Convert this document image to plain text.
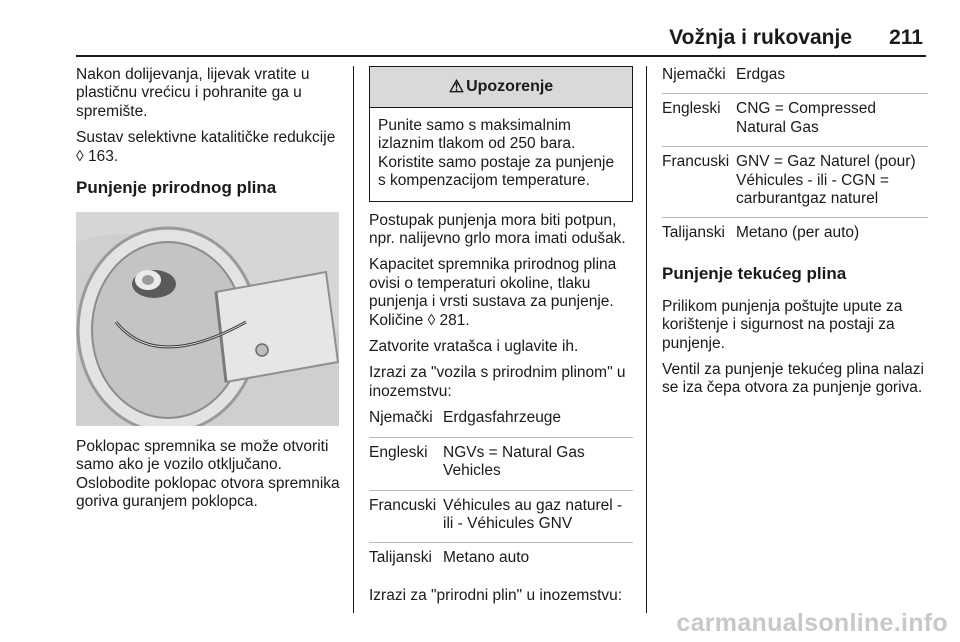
Vožnja i rukovanje 211

Nakon dolijevanja, lijevak vratite u plastičnu vrećicu i pohranite ga u spremište.

Sustav selektivne katalitičke redukcije ◊ 163.

Punjenje prirodnog plina

Poklopac spremnika se može otvoriti samo ako je vozilo otključano. Oslobodite poklopac otvora spremnika goriva guranjem poklopca.

⚠ Upozorenje
Punite samo s maksimalnim izlaznim tlakom od 250 bara. Koristite samo postaje za punjenje s kompenzacijom temperature.

Postupak punjenja mora biti potpun, npr. nalijevno grlo mora imati odušak.

Kapacitet spremnika prirodnog plina ovisi o temperaturi okoline, tlaku punjenja i vrsti sustava za punjenje. Količine ◊ 281.

Zatvorite vratašca i uglavite ih.

Izrazi za "vozila s prirodnim plinom" u inozemstvu:

Njemački	Erdgasfahrzeuge
Engleski	NGVs = Natural Gas Vehicles
Francuski	Véhicules au gaz naturel - ili - Véhicules GNV
Talijanski	Metano auto

Izrazi za "prirodni plin" u inozemstvu:

Njemački	Erdgas
Engleski	CNG = Compressed Natural Gas
Francuski	GNV = Gaz Naturel (pour) Véhicules - ili - CGN = carburantgaz naturel
Talijanski	Metano (per auto)
Punjenje tekućeg plina

Prilikom punjenja poštujte upute za korištenje i sigurnost na postaji za punjenje.

Ventil za punjenje tekućeg plina nalazi se iza čepa otvora za punjenje goriva.

carmanualsonline.info
